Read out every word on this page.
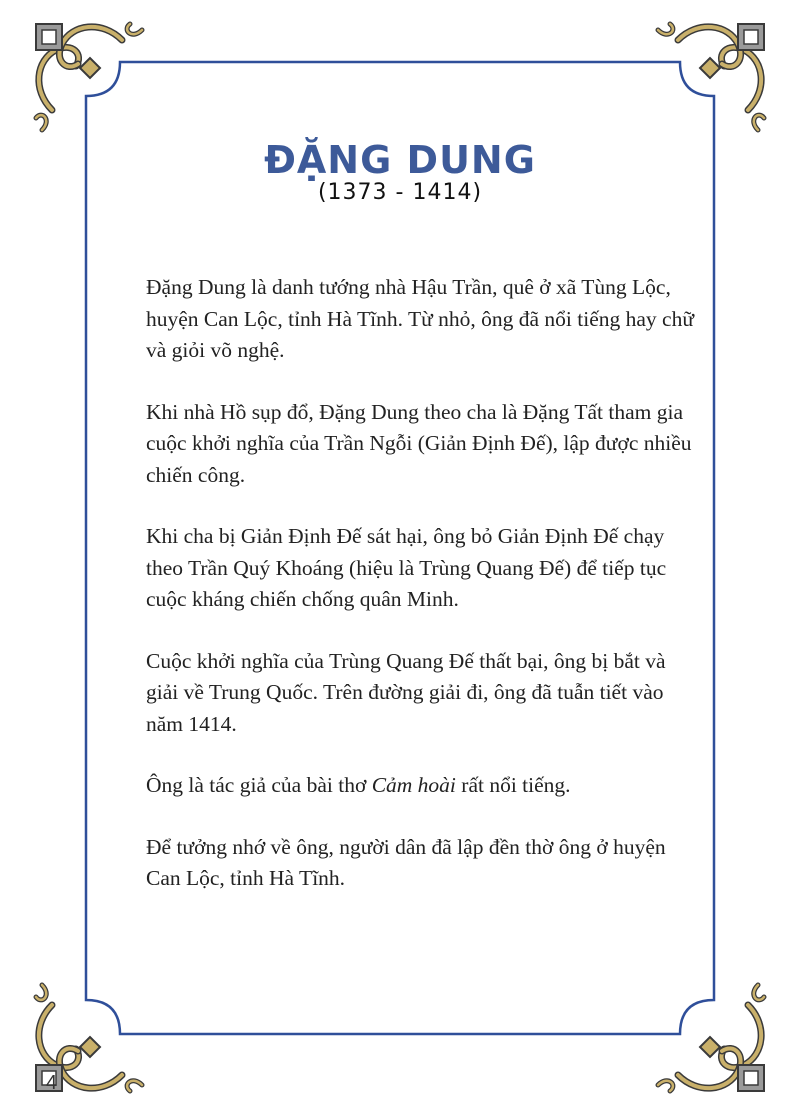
ĐẶNG DUNG
(1373 - 1414)

Đặng Dung là danh tướng nhà Hậu Trần, quê ở xã Tùng Lộc, huyện Can Lộc, tỉnh Hà Tĩnh. Từ nhỏ, ông đã nổi tiếng hay chữ và giỏi võ nghệ.

Khi nhà Hồ sụp đổ, Đặng Dung theo cha là Đặng Tất tham gia cuộc khởi nghĩa của Trần Ngỗi (Giản Định Đế), lập được nhiều chiến công.

Khi cha bị Giản Định Đế sát hại, ông bỏ Giản Định Đế chạy theo Trần Quý Khoáng (hiệu là Trùng Quang Đế) để tiếp tục cuộc kháng chiến chống quân Minh.

Cuộc khởi nghĩa của Trùng Quang Đế thất bại, ông bị bắt và giải về Trung Quốc. Trên đường giải đi, ông đã tuẫn tiết vào năm 1414.

Ông là tác giả của bài thơ Cảm hoài rất nổi tiếng.

Để tưởng nhớ về ông, người dân đã lập đền thờ ông ở huyện Can Lộc, tỉnh Hà Tĩnh.

4
